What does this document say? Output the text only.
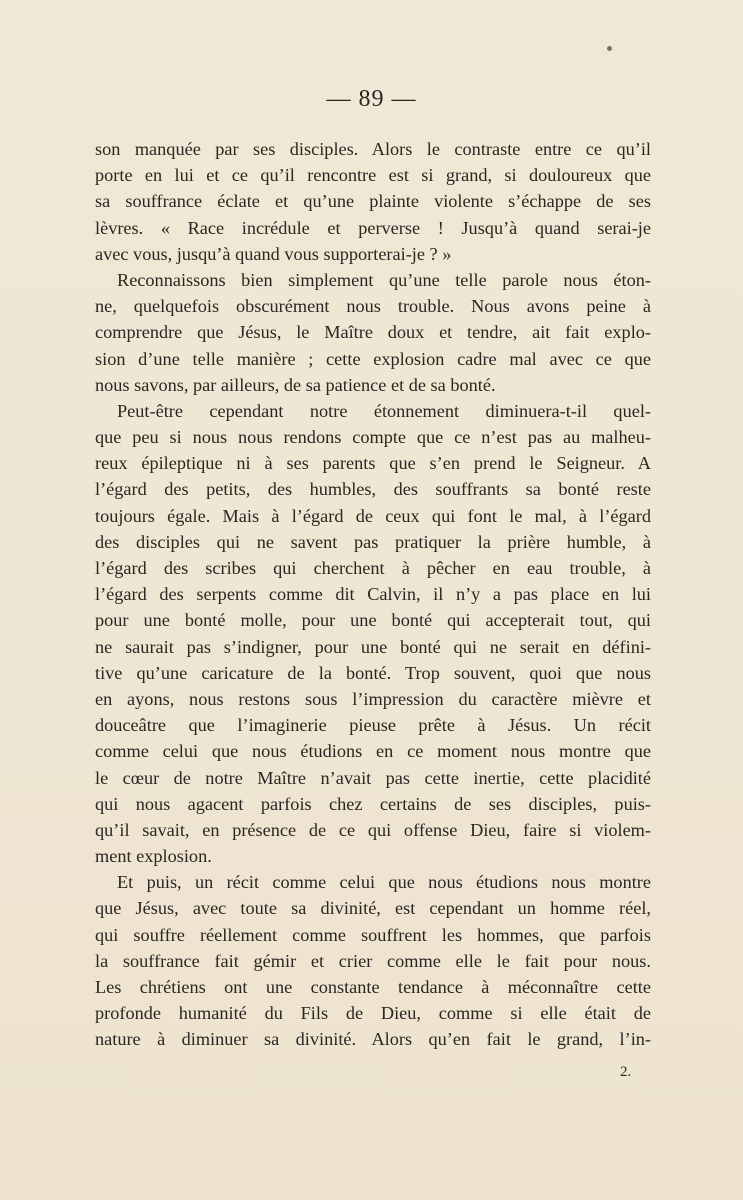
— 89 —
son manquée par ses disciples. Alors le contraste entre ce qu’il
porte en lui et ce qu’il rencontre est si grand, si douloureux que
sa souffrance éclate et qu’une plainte violente s’échappe de ses
lèvres. « Race incrédule et perverse ! Jusqu’à quand serai-je
avec vous, jusqu’à quand vous supporterai-je ? »
Reconnaissons bien simplement qu’une telle parole nous éton-
ne, quelquefois obscurément nous trouble. Nous avons peine à
comprendre que Jésus, le Maître doux et tendre, ait fait explo-
sion d’une telle manière ; cette explosion cadre mal avec ce que
nous savons, par ailleurs, de sa patience et de sa bonté.
Peut-être cependant notre étonnement diminuera-t-il quel-
que peu si nous nous rendons compte que ce n’est pas au malheu-
reux épileptique ni à ses parents que s’en prend le Seigneur. A
l’égard des petits, des humbles, des souffrants sa bonté reste
toujours égale. Mais à l’égard de ceux qui font le mal, à l’égard
des disciples qui ne savent pas pratiquer la prière humble, à
l’égard des scribes qui cherchent à pêcher en eau trouble, à
l’égard des serpents comme dit Calvin, il n’y a pas place en lui
pour une bonté molle, pour une bonté qui accepterait tout, qui
ne saurait pas s’indigner, pour une bonté qui ne serait en défini-
tive qu’une caricature de la bonté. Trop souvent, quoi que nous
en ayons, nous restons sous l’impression du caractère mièvre et
douceâtre que l’imaginerie pieuse prête à Jésus. Un récit
comme celui que nous étudions en ce moment nous montre que
le cœur de notre Maître n’avait pas cette inertie, cette placidité
qui nous agacent parfois chez certains de ses disciples, puis-
qu’il savait, en présence de ce qui offense Dieu, faire si violem-
ment explosion.
Et puis, un récit comme celui que nous étudions nous montre
que Jésus, avec toute sa divinité, est cependant un homme réel,
qui souffre réellement comme souffrent les hommes, que parfois
la souffrance fait gémir et crier comme elle le fait pour nous.
Les chrétiens ont une constante tendance à méconnaître cette
profonde humanité du Fils de Dieu, comme si elle était de
nature à diminuer sa divinité. Alors qu’en fait le grand, l’in-
2.
